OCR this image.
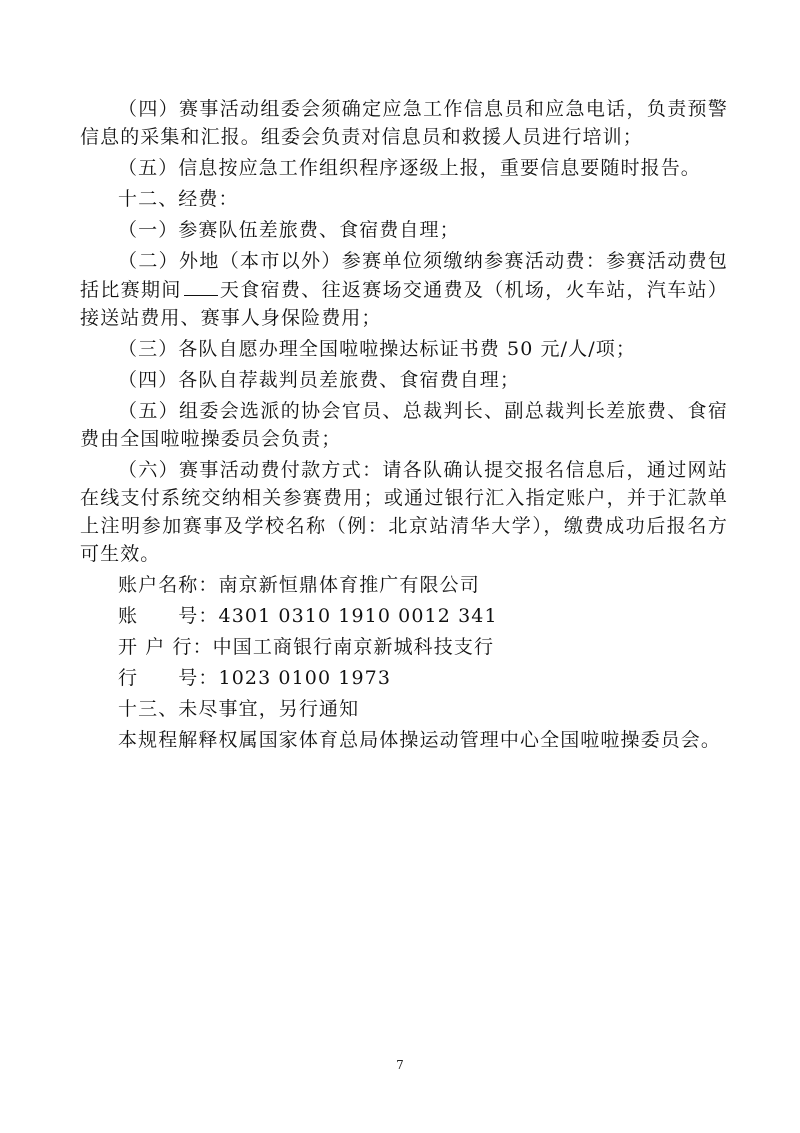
（四）赛事活动组委会须确定应急工作信息员和应急电话，负责预警信息的采集和汇报。组委会负责对信息员和救援人员进行培训；

（五）信息按应急工作组织程序逐级上报，重要信息要随时报告。

十二、经费：

（一）参赛队伍差旅费、食宿费自理；

（二）外地（本市以外）参赛单位须缴纳参赛活动费：参赛活动费包括比赛期间 天食宿费、往返赛场交通费及（机场，火车站，汽车站）接送站费用、赛事人身保险费用；

（三）各队自愿办理全国啦啦操达标证书费 50 元/人/项；

（四）各队自荐裁判员差旅费、食宿费自理；

（五）组委会选派的协会官员、总裁判长、副总裁判长差旅费、食宿费由全国啦啦操委员会负责；

（六）赛事活动费付款方式：请各队确认提交报名信息后，通过网站在线支付系统交纳相关参赛费用；或通过银行汇入指定账户，并于汇款单上注明参加赛事及学校名称（例：北京站清华大学），缴费成功后报名方可生效。

账户名称：南京新恒鼎体育推广有限公司
账　　号：4301 0310 1910 0012 341
开 户 行：中国工商银行南京新城科技支行
行　　号：1023 0100 1973

十三、未尽事宜，另行通知

本规程解释权属国家体育总局体操运动管理中心全国啦啦操委员会。

7
